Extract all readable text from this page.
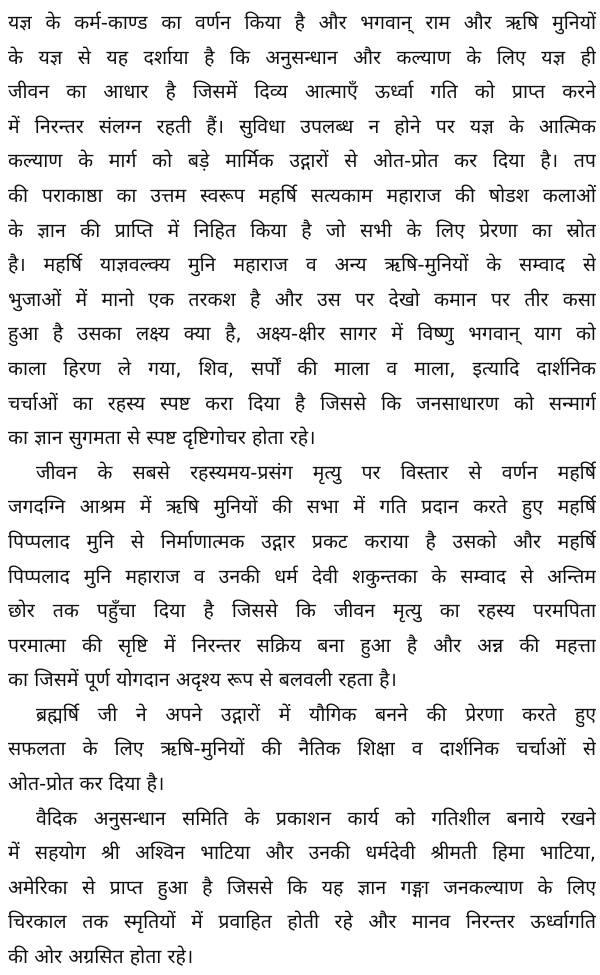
यज्ञ के कर्म-काण्ड का वर्णन किया है और भगवान् राम और ऋषि मुनियों
के यज्ञ से यह दर्शाया है कि अनुसन्धान और कल्याण के लिए यज्ञ ही
जीवन का आधार है जिसमें दिव्य आत्माएँ ऊर्ध्वा गति को प्राप्त करने
में निरन्तर संलग्न रहती हैं। सुविधा उपलब्ध न होने पर यज्ञ के आत्मिक
कल्याण के मार्ग को बड़े मार्मिक उद्गारों से ओत-प्रोत कर दिया है। तप
की पराकाष्ठा का उत्तम स्वरूप महर्षि सत्यकाम महाराज की षोडश कलाओं
के ज्ञान की प्राप्ति में निहित किया है जो सभी के लिए प्रेरणा का स्रोत
है। महर्षि याज्ञवल्क्य मुनि महाराज व अन्य ऋषि-मुनियों के सम्वाद से
भुजाओं में मानो एक तरकश है और उस पर देखो कमान पर तीर कसा
हुआ है उसका लक्ष्य क्या है, अक्ष्य-क्षीर सागर में विष्णु भगवान् याग को
काला हिरण ले गया, शिव, सर्पों की माला व माला, इत्यादि दार्शनिक
चर्चाओं का रहस्य स्पष्ट करा दिया है जिससे कि जनसाधारण को सन्मार्ग
का ज्ञान सुगमता से स्पष्ट दृष्टिगोचर होता रहे।
जीवन के सबसे रहस्यमय-प्रसंग मृत्यु पर विस्तार से वर्णन महर्षि
जगदग्नि आश्रम में ऋषि मुनियों की सभा में गति प्रदान करते हुए महर्षि
पिप्पलाद मुनि से निर्माणात्मक उद्गार प्रकट कराया है उसको और महर्षि
पिप्पलाद मुनि महाराज व उनकी धर्म देवी शकुन्तका के सम्वाद से अन्तिम
छोर तक पहुँचा दिया है जिससे कि जीवन मृत्यु का रहस्य परमपिता
परमात्मा की सृष्टि में निरन्तर सक्रिय बना हुआ है और अन्न की महत्ता
का जिसमें पूर्ण योगदान अदृश्य रूप से बलवली रहता है।
ब्रह्मर्षि जी ने अपने उद्गारों में यौगिक बनने की प्रेरणा करते हुए
सफलता के लिए ऋषि-मुनियों की नैतिक शिक्षा व दार्शनिक चर्चाओं से
ओत-प्रोत कर दिया है।
वैदिक अनुसन्धान समिति के प्रकाशन कार्य को गतिशील बनाये रखने
में सहयोग श्री अश्विन भाटिया और उनकी धर्मदेवी श्रीमती हिमा भाटिया,
अमेरिका से प्राप्त हुआ है जिससे कि यह ज्ञान गङ्गा जनकल्याण के लिए
चिरकाल तक स्मृतियों में प्रवाहित होती रहे और मानव निरन्तर ऊर्ध्वागति
की ओर अग्रसित होता रहे।
